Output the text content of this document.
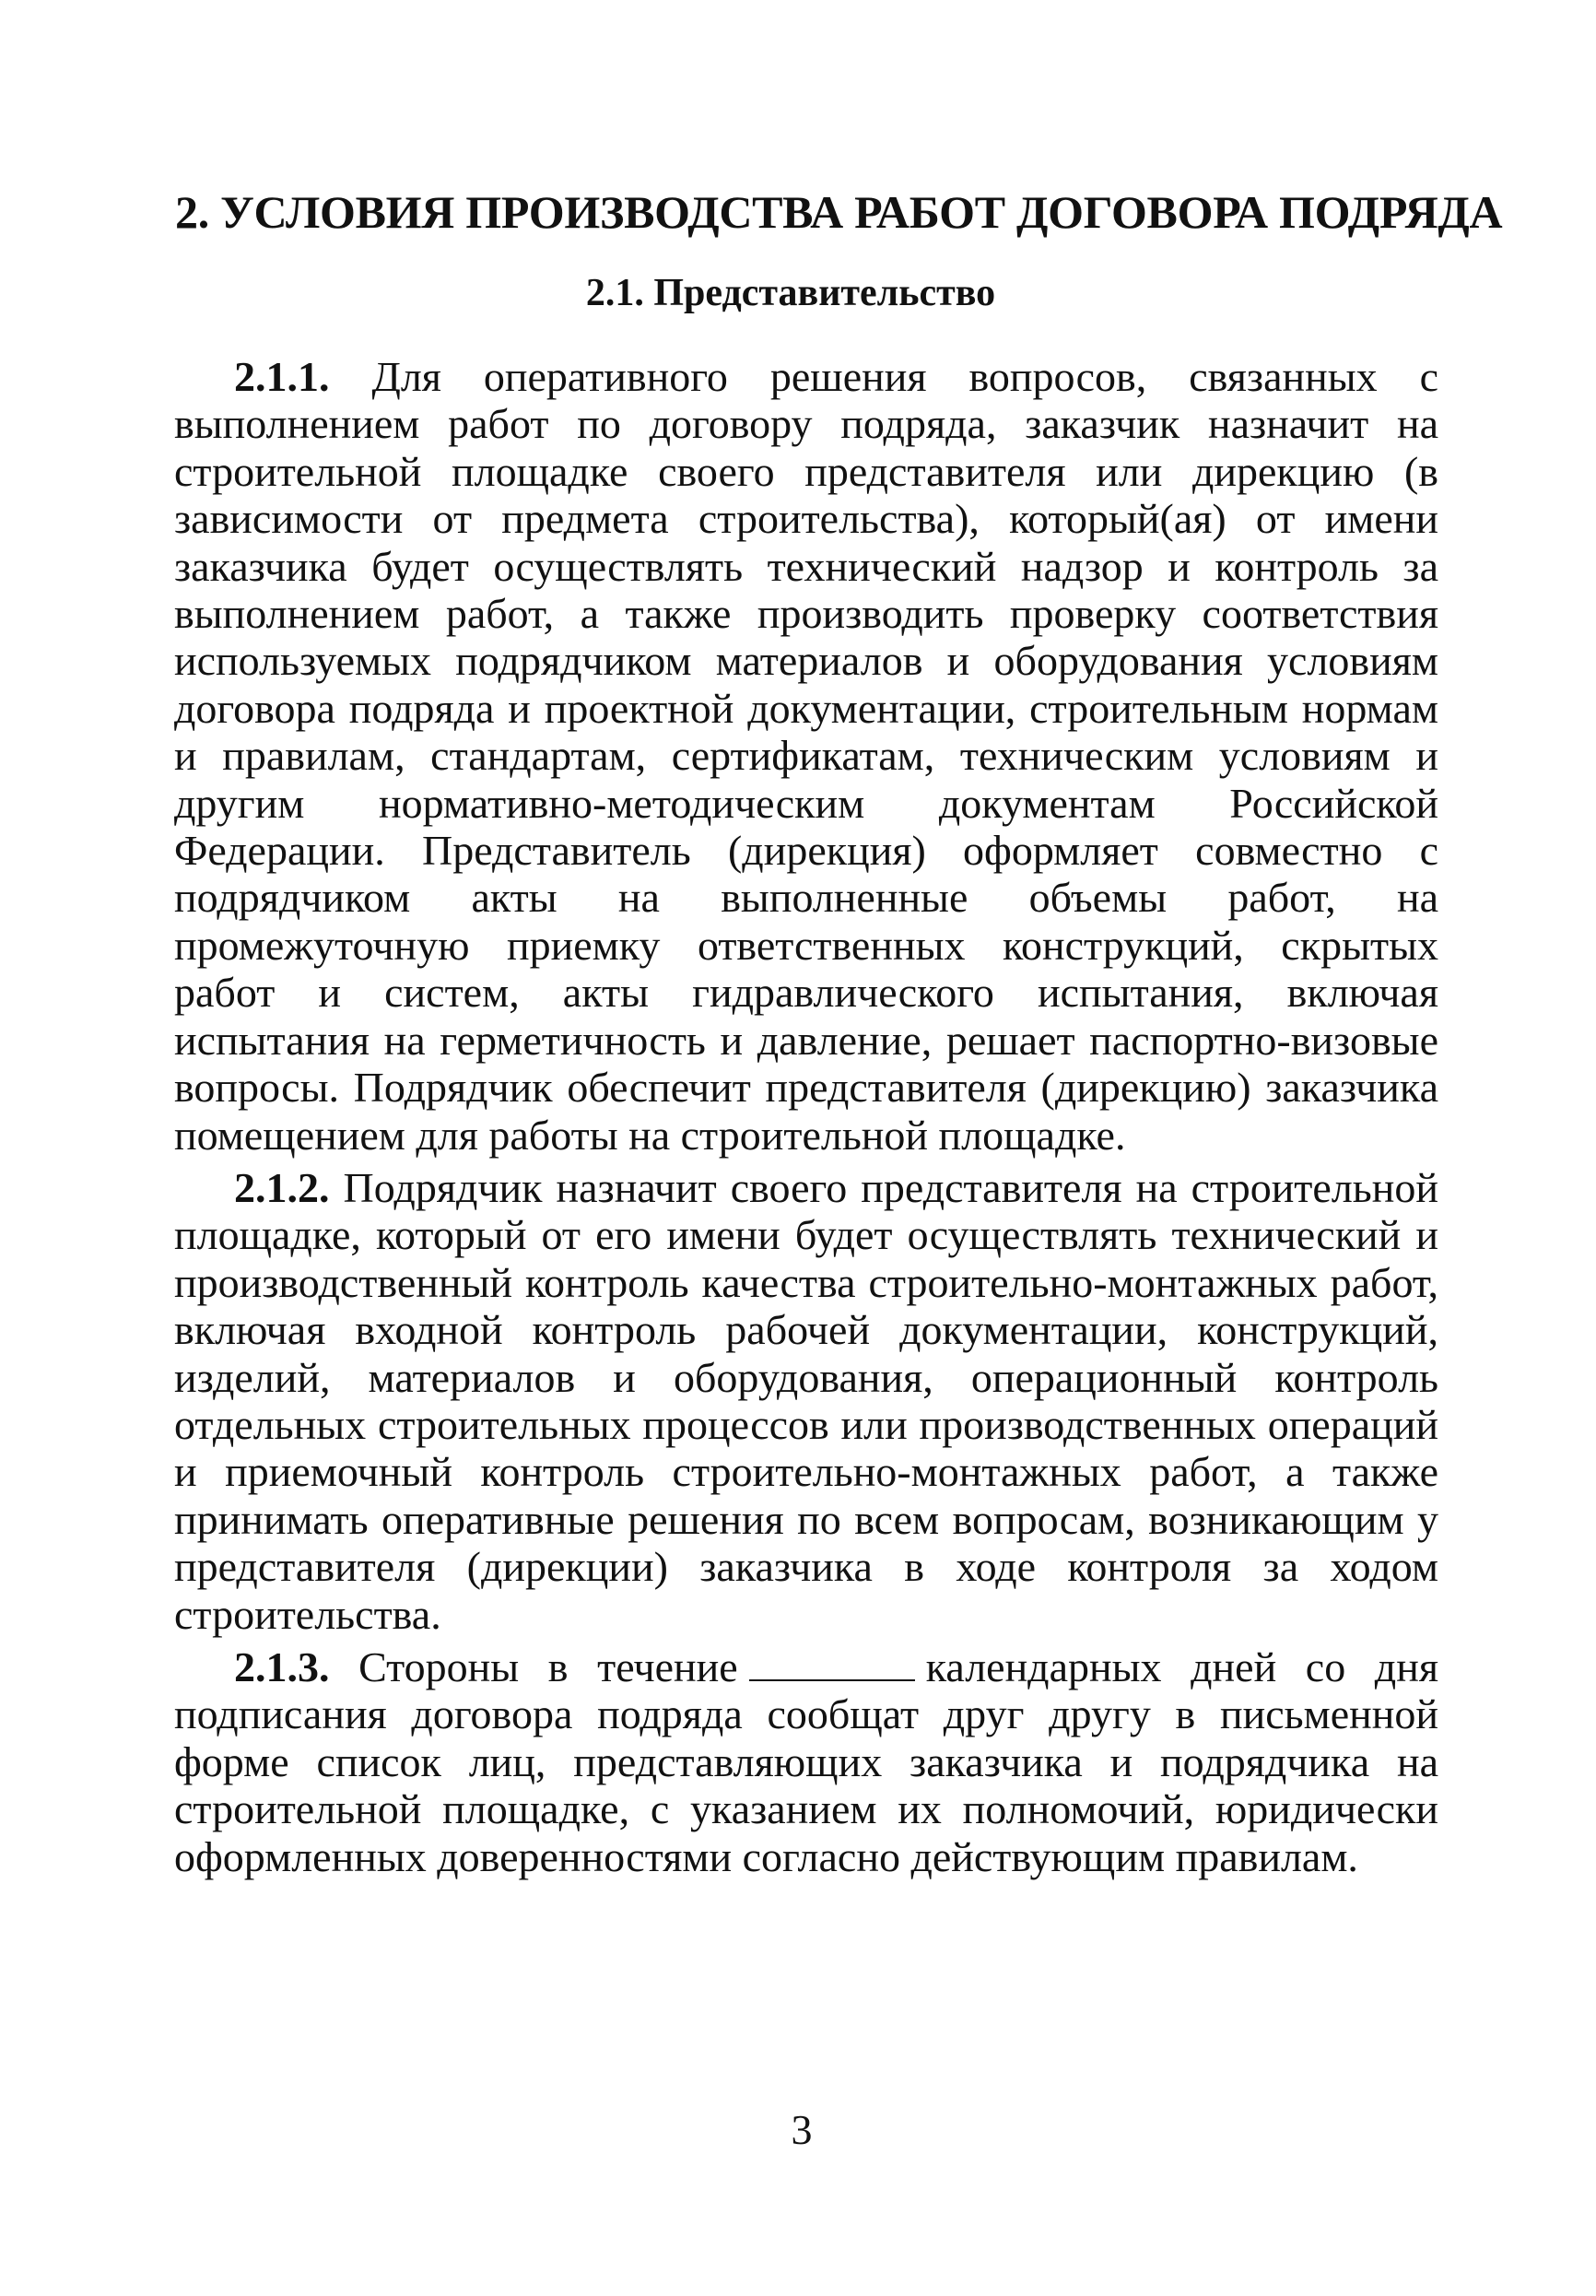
2. УСЛОВИЯ ПРОИЗВОДСТВА РАБОТ ДОГОВОРА ПОДРЯДА
2.1. Представительство

2.1.1. Для оперативного решения вопросов, связанных с выполнением работ по договору подряда, заказчик назначит на строительной площадке своего представителя или дирекцию (в зависимости от предмета строительства), который(ая) от имени заказчика будет осуществлять технический надзор и контроль за выполнением работ, а также производить проверку соответствия используемых подрядчиком материалов и оборудования условиям договора подряда и проектной документации, строительным нормам и правилам, стандартам, сертификатам, техническим условиям и другим нормативно-методическим документам Российской Федерации. Представитель (дирекция) оформляет совместно с подрядчиком акты на выполненные объемы работ, на промежуточную приемку ответственных конструкций, скрытых работ и систем, акты гидравлического испытания, включая испытания на герметичность и давление, решает паспортно-визовые вопросы. Подрядчик обеспечит представителя (дирекцию) заказчика помещением для работы на строительной площадке.

2.1.2. Подрядчик назначит своего представителя на строительной площадке, который от его имени будет осуществлять технический и производственный контроль качества строительно-монтажных работ, включая входной контроль рабочей документации, конструкций, изделий, материалов и оборудования, операционный контроль отдельных строительных процессов или производственных операций и приемочный контроль строительно-монтажных работ, а также принимать оперативные решения по всем вопросам, возникающим у представителя (дирекции) заказчика в ходе контроля за ходом строительства.

2.1.3. Стороны в течение	календарных дней со дня подписания договора подряда сообщат друг другу в письменной форме список лиц, представляющих заказчика и подрядчика на строительной площадке, с указанием их полномочий, юридически оформленных доверенностями согласно действующим правилам.

3
